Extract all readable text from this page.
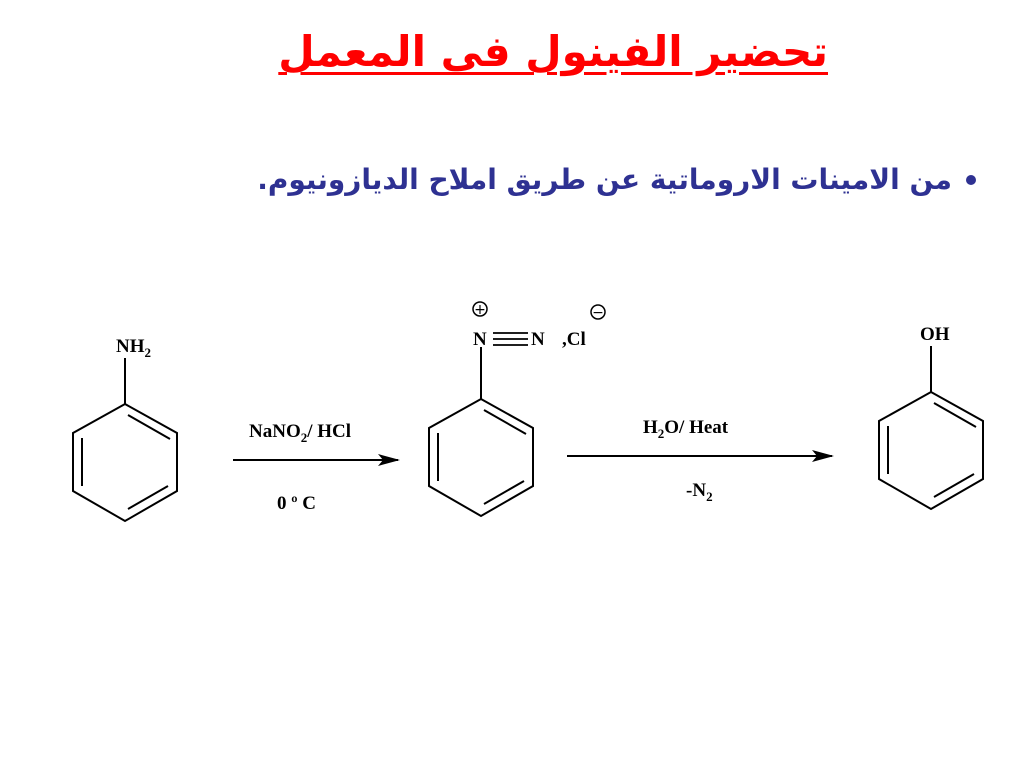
تحضير الفينول فى المعمل
من الامينات الاروماتية عن طريق املاح الديازونيوم.
$NH_2$
NaNO$_2$/ HCl
0 º C
N N
+
,Cl
−
$H_2O/$ Heat
$-N_2$
OH
